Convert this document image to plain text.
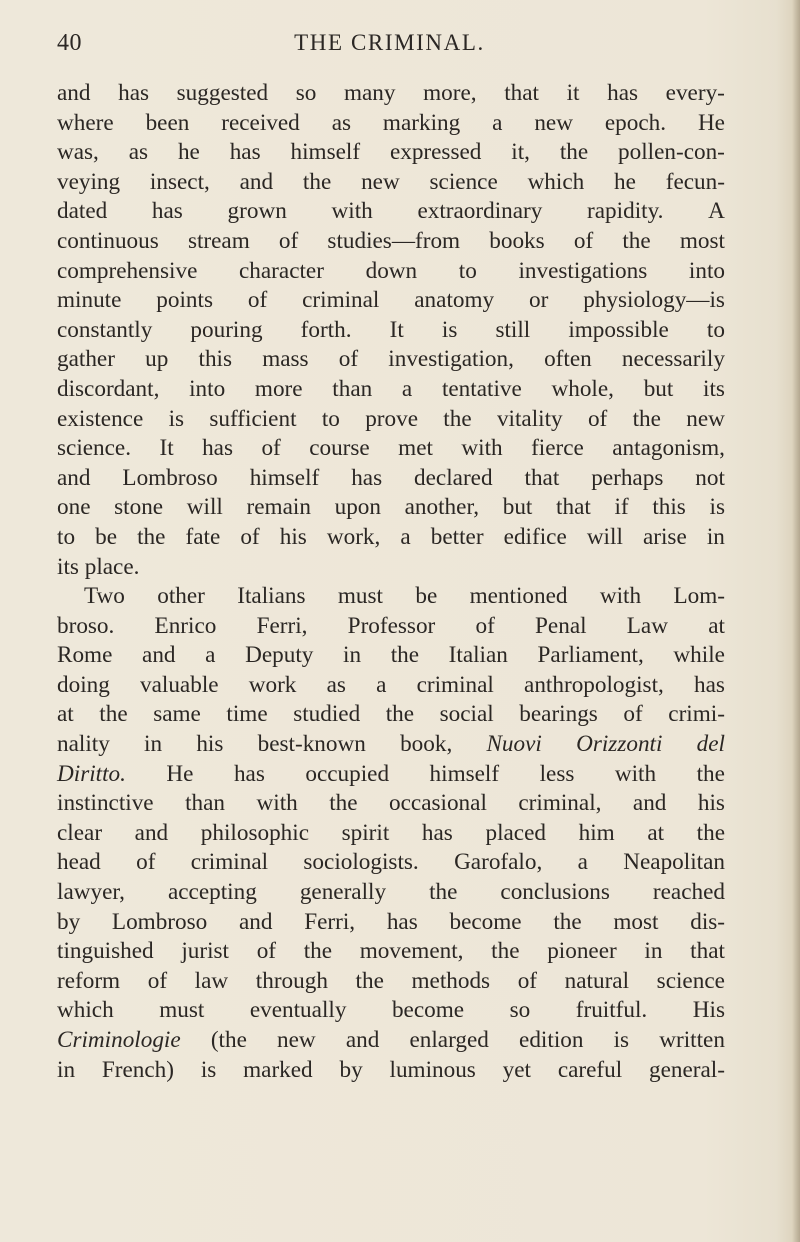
40	THE CRIMINAL.
and has suggested so many more, that it has every-
where been received as marking a new epoch. He
was, as he has himself expressed it, the pollen-con-
veying insect, and the new science which he fecun-
dated has grown with extraordinary rapidity. A
continuous stream of studies—from books of the most
comprehensive character down to investigations into
minute points of criminal anatomy or physiology—is
constantly pouring forth. It is still impossible to
gather up this mass of investigation, often necessarily
discordant, into more than a tentative whole, but its
existence is sufficient to prove the vitality of the new
science. It has of course met with fierce antagonism,
and Lombroso himself has declared that perhaps not
one stone will remain upon another, but that if this is
to be the fate of his work, a better edifice will arise in
its
place.
Two other Italians must be mentioned with Lom-
broso. Enrico Ferri, Professor of Penal Law at
Rome and a Deputy in the Italian Parliament, while
doing valuable work as a criminal anthropologist, has
at the same time studied the social bearings of crimi-
nality in his best-known book, Nuovi Orizzonti del
Diritto. He has occupied himself less with the
instinctive than with the occasional criminal, and his
clear and philosophic spirit has placed him at the
head of criminal sociologists. Garofalo, a Neapolitan
lawyer, accepting generally the conclusions reached
by Lombroso and Ferri, has become the most dis-
tinguished jurist of the movement, the pioneer in that
reform of law through the methods of natural science
which must eventually become so fruitful. His
Criminologie (the new and enlarged edition is written
in French) is marked by luminous yet careful general-
